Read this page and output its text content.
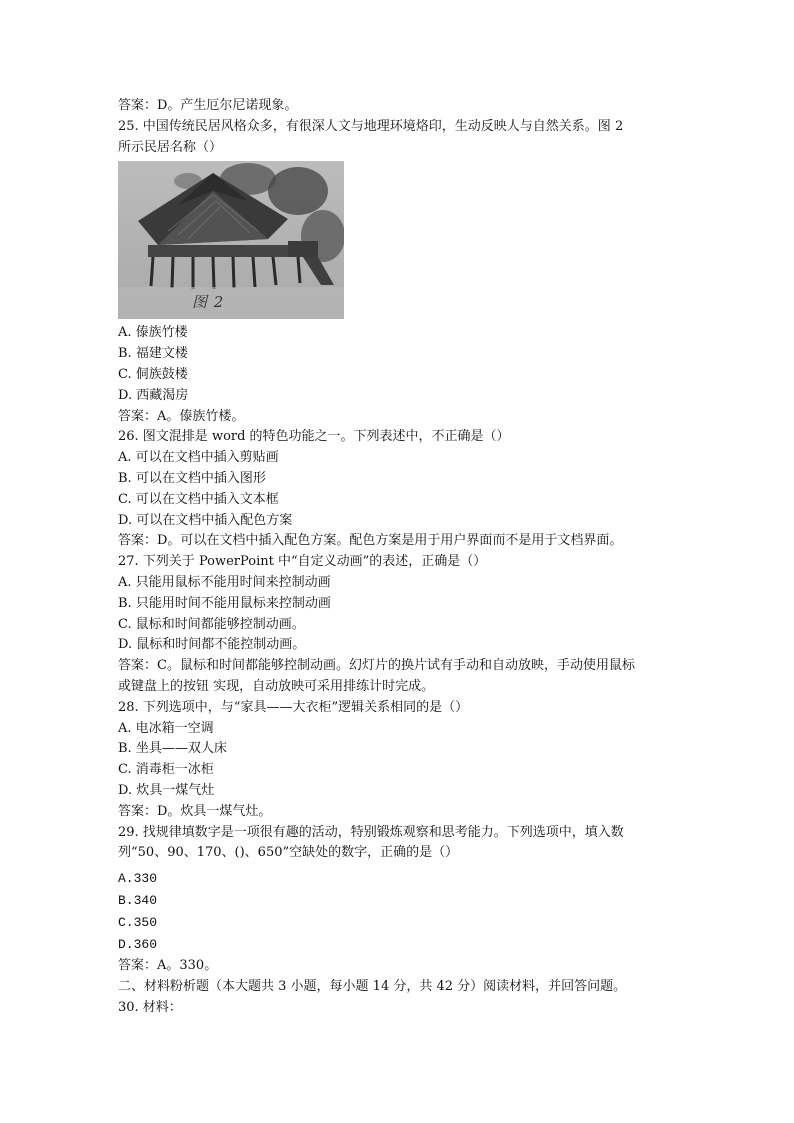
答案：D。产生厄尔尼诺现象。
25. 中国传统民居风格众多，有很深人文与地理环境烙印，生动反映人与自然关系。图 2
所示民居名称（）
图 2
A. 傣族竹楼
B. 福建文楼
C. 侗族鼓楼
D. 西藏渴房
答案：A。傣族竹楼。
26. 图文混排是 word 的特色功能之一。下列表述中，不正确是（）
A. 可以在文档中插入剪贴画
B. 可以在文档中插入图形
C. 可以在文档中插入文本框
D. 可以在文档中插入配色方案
答案：D。可以在文档中插入配色方案。配色方案是用于用户界面而不是用于文档界面。
27. 下列关于 PowerPoint 中“自定义动画”的表述，正确是（）
A. 只能用鼠标不能用时间来控制动画
B. 只能用时间不能用鼠标来控制动画
C. 鼠标和时间都能够控制动画。
D. 鼠标和时间都不能控制动画。
答案：C。鼠标和时间都能够控制动画。幻灯片的换片试有手动和自动放映，手动使用鼠标
或键盘上的按钮 实现，自动放映可采用排练计时完成。
28. 下列选项中，与“家具——大衣柜”逻辑关系相同的是（）
A. 电冰箱一空调
B. 坐具——双人床
C. 消毒柜一冰柜
D. 炊具一煤气灶
答案：D。炊具一煤气灶。
29. 找规律填数字是一项很有趣的活动，特别锻炼观察和思考能力。下列选项中，填入数
列“50、90、170、()、650”空缺处的数字，正确的是（）
A.330
B.340
C.350
D.360
答案：A。330。
二、材料粉析题（本大题共 3 小题，每小题 14 分，共 42 分）阅读材料，并回答问题。
30. 材料：
